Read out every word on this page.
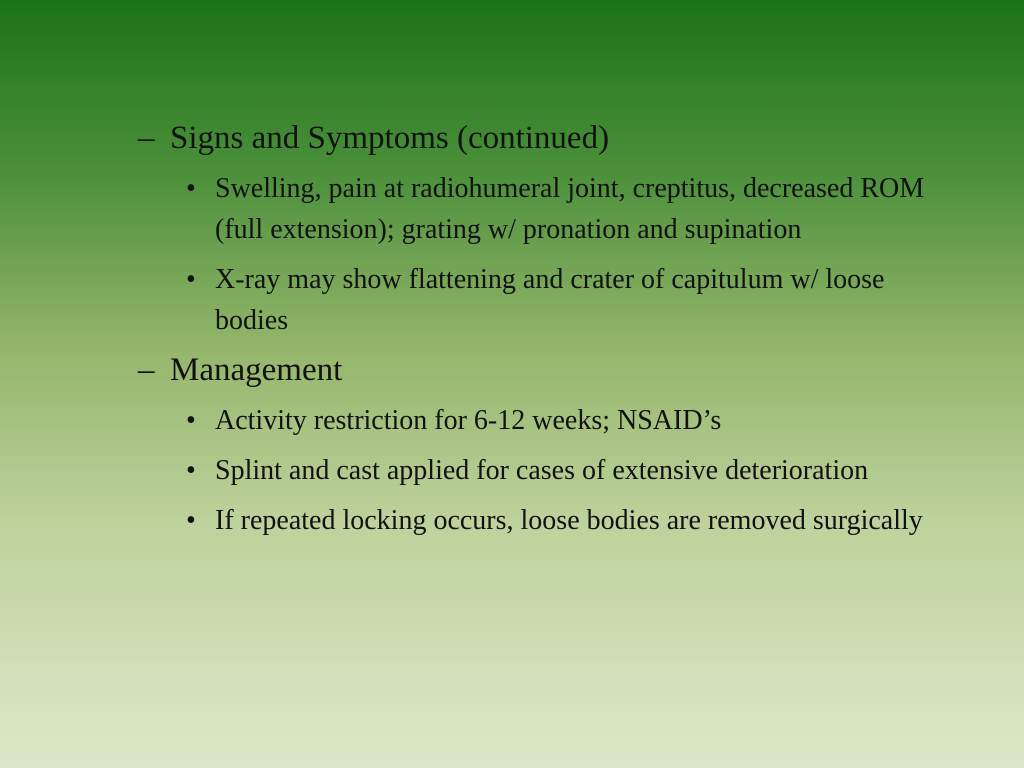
– Signs and Symptoms (continued)
• Swelling, pain at radiohumeral joint, creptitus, decreased ROM (full extension); grating w/ pronation and supination
• X-ray may show flattening and crater of capitulum w/ loose bodies
– Management
• Activity restriction for 6-12 weeks; NSAID’s
• Splint and cast applied for cases of extensive deterioration
• If repeated locking occurs, loose bodies are removed surgically
